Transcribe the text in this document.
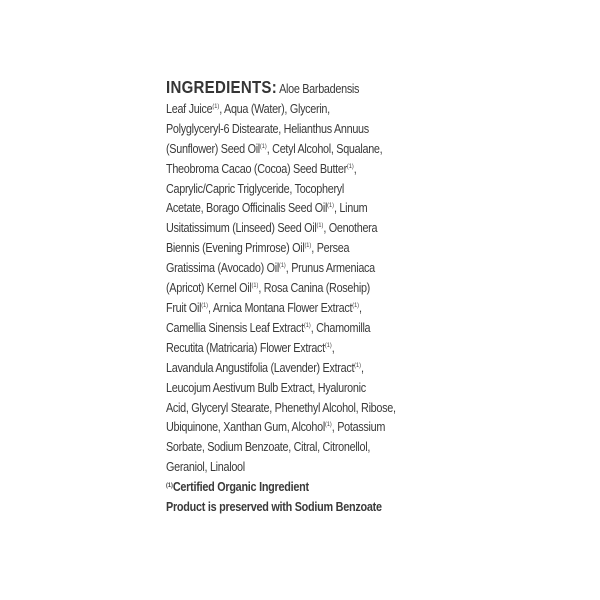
INGREDIENTS: Aloe Barbadensis
Leaf Juice$^{(1)}$, Aqua (Water), Glycerin,
Polyglyceryl-6 Distearate, Helianthus Annuus
(Sunflower) Seed Oil$^{(1)}$, Cetyl Alcohol, Squalane,
Theobroma Cacao (Cocoa) Seed Butter$^{(1)}$,
Caprylic/Capric Triglyceride, Tocopheryl
Acetate, Borago Officinalis Seed Oil$^{(1)}$, Linum
Usitatissimum (Linseed) Seed Oil$^{(1)}$, Oenothera
Biennis (Evening Primrose) Oil$^{(1)}$, Persea
Gratissima (Avocado) Oil$^{(1)}$, Prunus Armeniaca
(Apricot) Kernel Oil$^{(1)}$, Rosa Canina (Rosehip)
Fruit Oil$^{(1)}$, Arnica Montana Flower Extract$^{(1)}$,
Camellia Sinensis Leaf Extract$^{(1)}$, Chamomilla
Recutita (Matricaria) Flower Extract$^{(1)}$,
Lavandula Angustifolia (Lavender) Extract$^{(1)}$,
Leucojum Aestivum Bulb Extract, Hyaluronic
Acid, Glyceryl Stearate, Phenethyl Alcohol, Ribose,
Ubiquinone, Xanthan Gum, Alcohol$^{(1)}$, Potassium
Sorbate, Sodium Benzoate, Citral, Citronellol,
Geraniol, Linalool
$^{(1)}$Certified Organic Ingredient
Product is preserved with Sodium Benzoate
